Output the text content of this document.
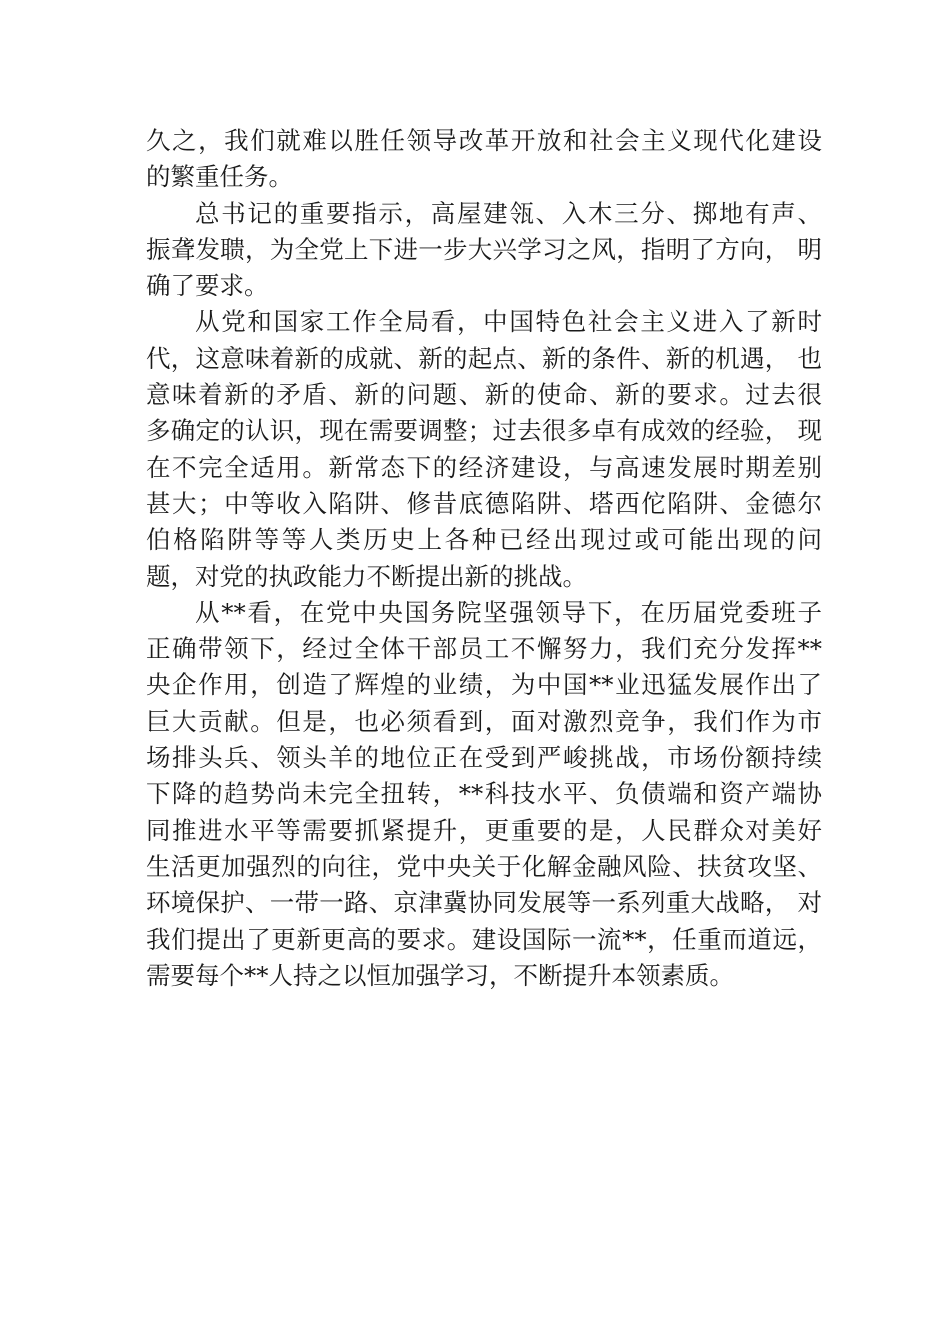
久之，我们就难以胜任领导改革开放和社会主义现代化建设
的繁重任务。
总书记的重要指示，高屋建瓴、入木三分、掷地有声、
振聋发聩，为全党上下进一步大兴学习之风，指明了方向， 明
确了要求。
从党和国家工作全局看，中国特色社会主义进入了新时
代，这意味着新的成就、新的起点、新的条件、新的机遇， 也
意味着新的矛盾、新的问题、新的使命、新的要求。过去很
多确定的认识，现在需要调整；过去很多卓有成效的经验， 现
在不完全适用。新常态下的经济建设，与高速发展时期差别
甚大；中等收入陷阱、修昔底德陷阱、塔西佗陷阱、金德尔
伯格陷阱等等人类历史上各种已经出现过或可能出现的问
题，对党的执政能力不断提出新的挑战。
从**看，在党中央国务院坚强领导下，在历届党委班子
正确带领下，经过全体干部员工不懈努力，我们充分发挥**
央企作用，创造了辉煌的业绩，为中国**业迅猛发展作出了
巨大贡献。但是，也必须看到，面对激烈竞争，我们作为市
场排头兵、领头羊的地位正在受到严峻挑战，市场份额持续
下降的趋势尚未完全扭转，**科技水平、负债端和资产端协
同推进水平等需要抓紧提升，更重要的是，人民群众对美好
生活更加强烈的向往，党中央关于化解金融风险、扶贫攻坚、
环境保护、一带一路、京津冀协同发展等一系列重大战略， 对
我们提出了更新更高的要求。建设国际一流**，任重而道远，
需要每个**人持之以恒加强学习，不断提升本领素质。
